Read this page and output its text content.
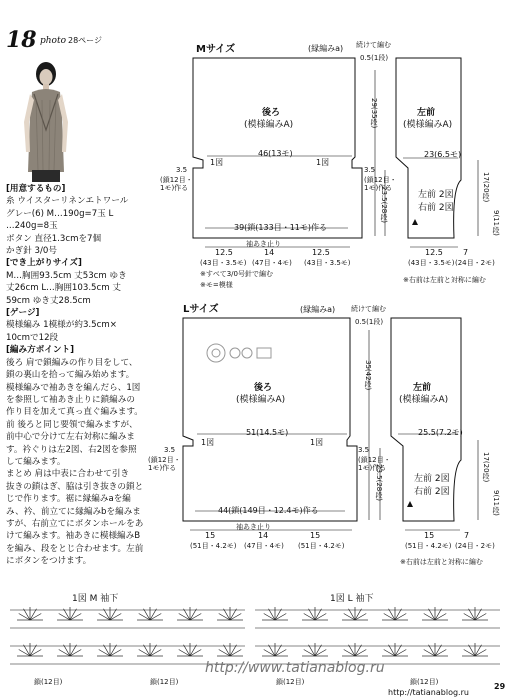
18 photo 28ページ
[用意するもの]
糸 ウイスターリネンエトワール
グレー(6) M…190g=7玉 L
…240g=8玉
ボタン 直径1.3cmを7個
かぎ針 3/0号
[でき上がりサイズ]
M…胸囲93.5cm 丈53cm ゆき
丈26cm L…胸囲103.5cm 丈
59cm ゆき丈28.5cm
[ゲージ]
模様編み 1模様が約3.5cm×
10cmで12段
[編み方ポイント]
後ろ 肩で鎖編みの作り目をして、
鎖の裏山を拾って編み始めます。
模様編みで袖あきを編んだら、1図
を参照して袖あき止りに鎖編みの
作り目を加えて真っ直ぐ編みます。
前 後ろと同じ要領で編みますが、
前中心で分けて左右対称に編みま
す。衿ぐりは左2図、右2図を参照
して編みます。
まとめ 肩は中表に合わせて引き
抜きの鎖はぎ、脇は引き抜きの鎖と
じで作ります。裾に縁編みaを編
み、衿、前立てに縁編みbを編みま
すが、右前立てにボタンホールをあ
けて編みます。袖あきに模様編みB
を編み、段をとじ合わせます。左前
にボタンをつけます。
Mサイズ	(縁編みa) 続けて編む
0.5(1段)
後ろ
(模様編みA)
46(13モ)
1図	1図
3.5	3.5
(鎖12目・1モ)作る
(鎖12目・1モ)作る
29(35段)
23.5(28段)
39(鎖(133目・11モ)作る
袖あき止り
12.5	14	12.5
(43目・3.5モ) (47目・4モ) (43目・3.5モ)
※すべて3/0号針で編む
※モ=模様
左前
(模様編みA)
23(6.5モ)
左前 2図
右前 2図
17(20段)
9(11段)
12.5	7
(43目・3.5モ) (24目・2モ)
※右前は左前と対称に編む
Lサイズ	(縁編みa) 続けて編む
0.5(1段)
後ろ
(模様編みA)
51(14.5モ)
1図	1図
3.5	3.5
(鎖12目・1モ)作る
(鎖12目・1モ)作る
35(42段)
23.5(28段)
44(鎖(149目・12.4モ)作る
袖あき止り
15	14	15
(51目・4.2モ) (47目・4モ) (51目・4.2モ)
左前
(模様編みA)
25.5(7.2モ)
左前 2図
右前 2図
17(20段)
9(11段)
15	7
(51目・4.2モ) (24目・2モ)
※右前は左前と対称に編む
1図 M 袖下	1図 L 袖下
鎖(12目)	鎖(12目)	鎖(12目)	鎖(12目)
http://www.tatianablog.ru
http://tatianablog.ru
29
